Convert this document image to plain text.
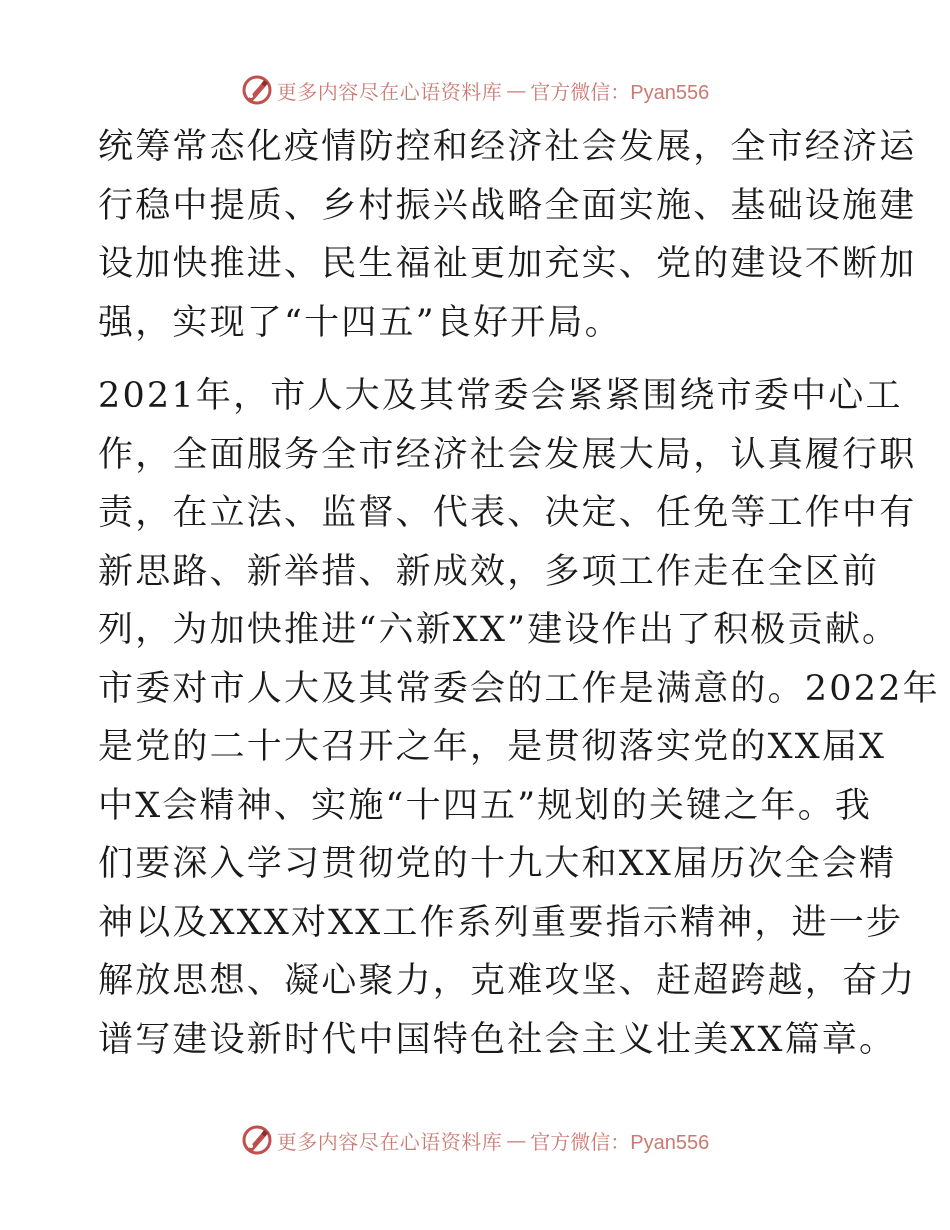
更多内容尽在心语资料库 — 官方微信：Pyan556
统筹常态化疫情防控和经济社会发展，全市经济运
行稳中提质、乡村振兴战略全面实施、基础设施建
设加快推进、民生福祉更加充实、党的建设不断加
强，实现了“十四五”良好开局。
2021年，市人大及其常委会紧紧围绕市委中心工
作，全面服务全市经济社会发展大局，认真履行职
责，在立法、监督、代表、决定、任免等工作中有
新思路、新举措、新成效，多项工作走在全区前
列，为加快推进“六新XX”建设作出了积极贡献。
市委对市人大及其常委会的工作是满意的。2022年
是党的二十大召开之年，是贯彻落实党的XX届X
中X会精神、实施“十四五”规划的关键之年。我
们要深入学习贯彻党的十九大和XX届历次全会精
神以及XXX对XX工作系列重要指示精神，进一步
解放思想、凝心聚力，克难攻坚、赶超跨越，奋力
谱写建设新时代中国特色社会主义壮美XX篇章。
更多内容尽在心语资料库 — 官方微信：Pyan556
